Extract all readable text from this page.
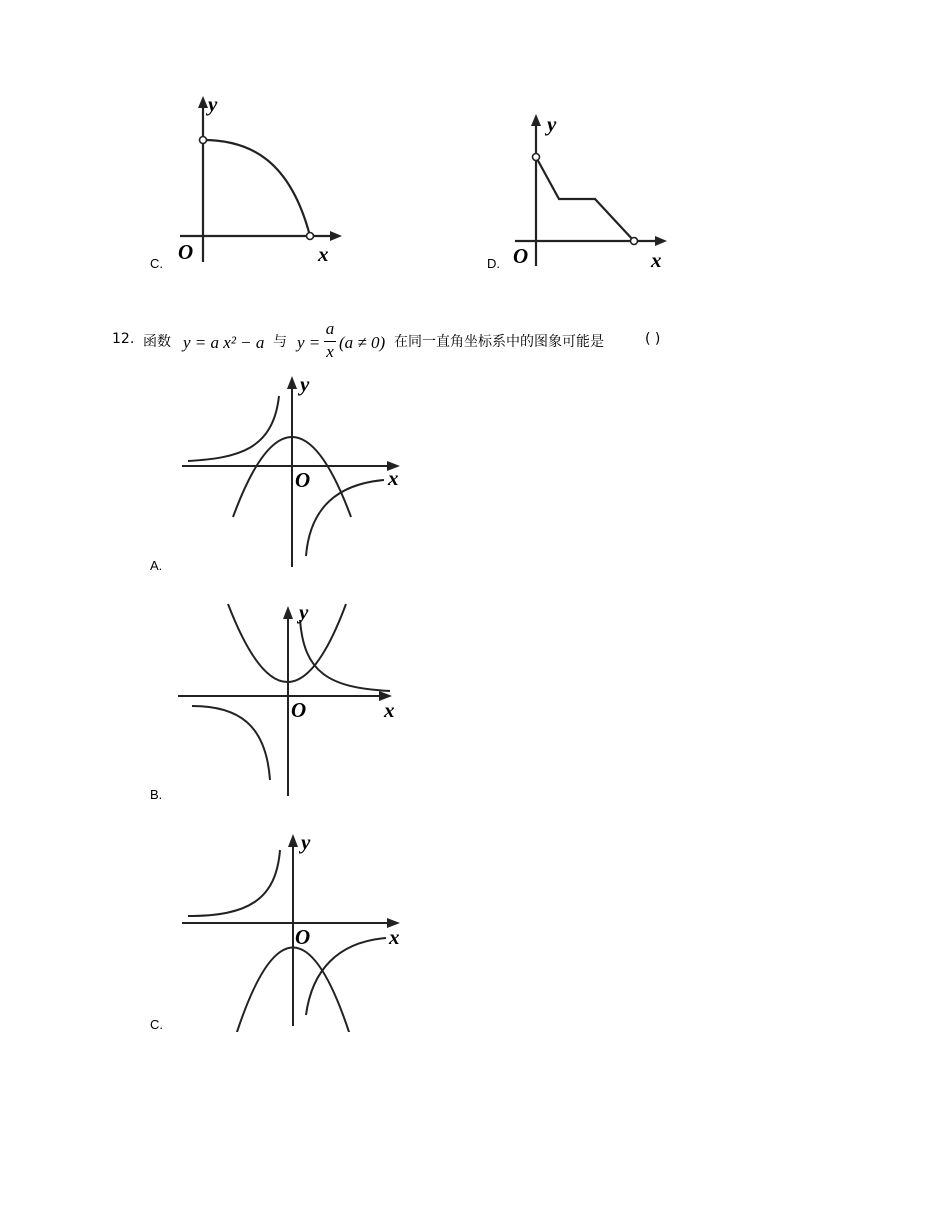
y
O	x
C.
y
O	x
D.
12. 函数 y = a x² − a 与 y =
a
x (a ≠ 0) 在同一直角坐标系中的图象可能是	( )
y
O	x
A.
y
O	x
B.
y
O	x
C.
